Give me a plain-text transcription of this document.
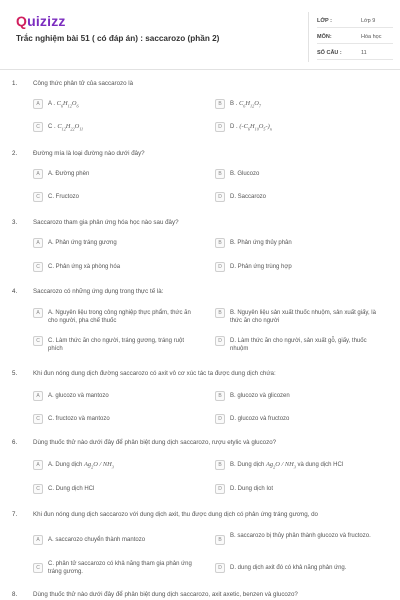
Quizizz
Trắc nghiệm bài 51 ( có đáp án) : saccarozo (phần 2)
LỚP :	Lớp 9
MÔN:	Hóa học
SỐ CÂU :	11
1.	Công thức phân tử của saccarozo là
A	A . $C_6H_{12}O_6$	B	B . $C_6H_{12}O_7$
C	C . $C_{12}H_{22}O_{11}$	D	D . $(-C_6H_{10}O_5-)_n$
2.	Đường mía là loại đường nào dưới đây?
A	A. Đường phèn	B	B. Glucozo
C	C. Fructozo	D	D. Saccarozo
3.	Saccarozo tham gia phản ứng hóa học nào sau đây?
A	A. Phản ứng tráng gương	B	B. Phản ứng thủy phân
C	C. Phản ứng xà phòng hóa	D	D. Phản ứng trùng hợp
4.	Saccarozo có những ứng dụng trong thực tế là:
A	A. Nguyên liệu trong công nghiệp thực phẩm, thức ăn cho người, pha chế thuốc
B	B. Nguyên liệu sản xuất thuốc nhuộm, sản xuất giấy, là thức ăn cho người
C	C. Làm thức ăn cho người, tráng gương, tráng ruột phích
D	D. Làm thức ăn cho người, sản xuất gỗ, giấy, thuốc nhuộm
5.	Khi đun nóng dung dịch đường saccarozo có axit vô cơ xúc tác ta được dung dịch chứa:
A	A. glucozo và mantozo	B	B. glucozo và glicozen
C	C. fructozo và mantozo	D	D. glucozo và fructozo
6.	Dùng thuốc thử nào dưới đây để phân biệt dung dịch saccarozo, rượu etylic và glucozo?
A	A. Dung dịch $Ag_2O / NH_3$	B	B. Dung dịch $Ag_2O / NH_3$ và dung dịch HCl
C	C. Dung dịch HCl	D	D. Dung dịch Iot
7.	Khi đun nóng dung dịch saccarozo với dung dịch axit, thu được dung dịch có phản ứng tráng gương, do
A	A. saccarozo chuyển thành mantozo	B
B. saccarozo bị thủy phân thành glucozo và fructozo.
C
C. phân tử saccarozo có khả năng tham gia phản ứng tráng gương.
D	D. dung dịch axit đó có khả năng phản ứng.
8.	Dùng thuốc thử nào dưới đây để phân biệt dung dịch saccarozo, axit axetic, benzen và glucozo?
